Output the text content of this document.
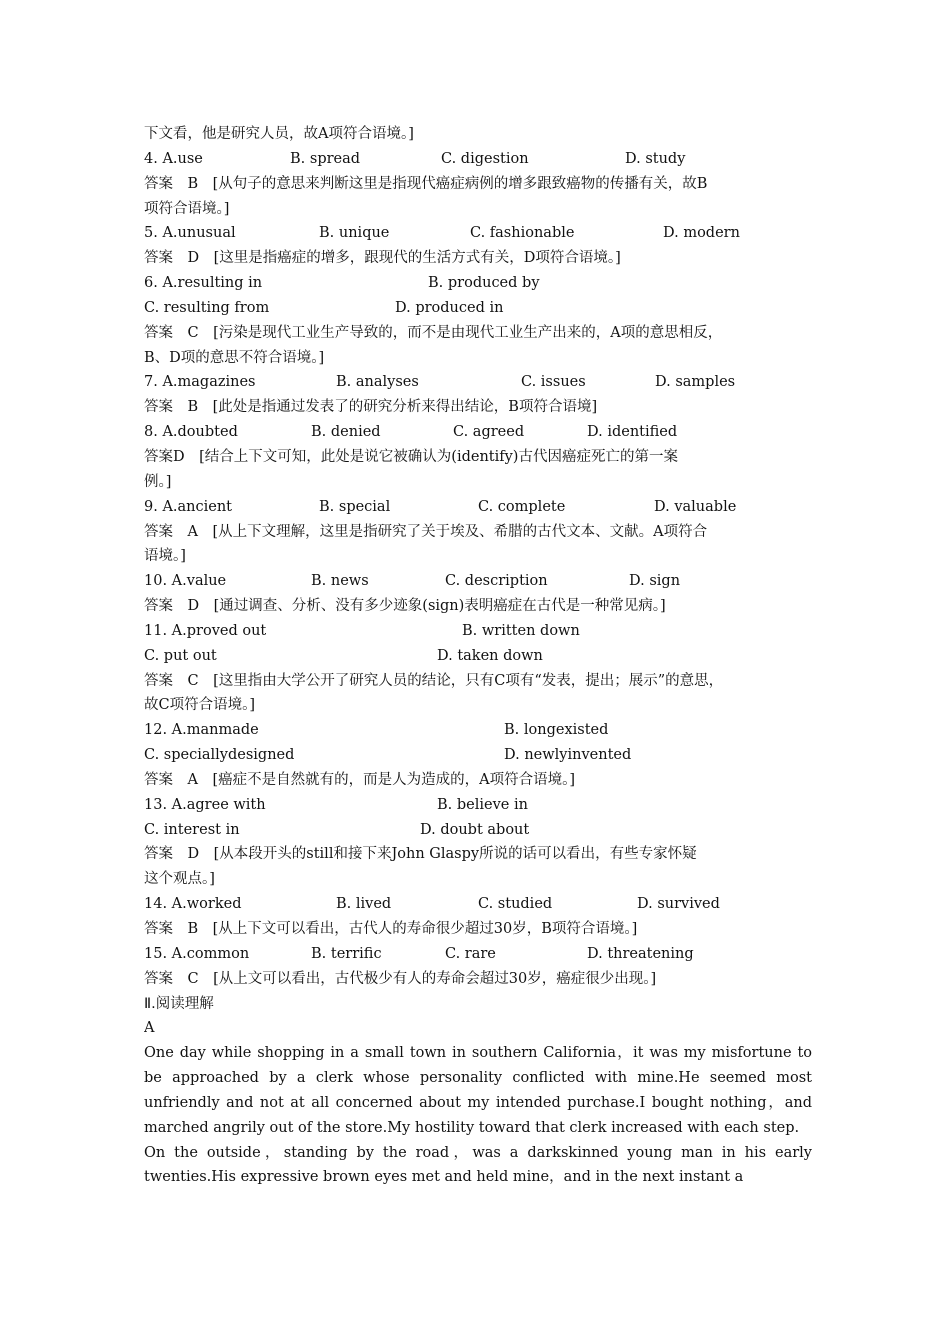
下文看，他是研究人员，故A项符合语境。]
4. A.use	B. spread	C. digestion	D. study
答案　B　[从句子的意思来判断这里是指现代癌症病例的增多跟致癌物的传播有关，故B
项符合语境。]
5. A.unusual	B. unique	C. fashionable	D. modern
答案　D　[这里是指癌症的增多，跟现代的生活方式有关，D项符合语境。]
6. A.resulting in	B. produced by
C. resulting from	D. produced in
答案　C　[污染是现代工业生产导致的，而不是由现代工业生产出来的，A项的意思相反，
B、D项的意思不符合语境。]
7. A.magazines	B. analyses	C. issues	D. samples
答案　B　[此处是指通过发表了的研究分析来得出结论，B项符合语境]
8. A.doubted	B. denied	C. agreed	D. identified
答案D　[结合上下文可知，此处是说它被确认为(identify)古代因癌症死亡的第一案
例。]
9. A.ancient	B. special	C. complete	D. valuable
答案　A　[从上下文理解，这里是指研究了关于埃及、希腊的古代文本、文献。A项符合
语境。]
10. A.value	B. news	C. description	D. sign
答案　D　[通过调查、分析、没有多少迹象(sign)表明癌症在古代是一种常见病。]
11. A.proved out	B. written down
C. put out	D. taken down
答案　C　[这里指由大学公开了研究人员的结论，只有C项有“发表，提出；展示”的意思，
故C项符合语境。]
12. A.manmade	B. longexisted
C. speciallydesigned	D. newlyinvented
答案　A　[癌症不是自然就有的，而是人为造成的，A项符合语境。]
13. A.agree with	B. believe in
C. interest in	D. doubt about
答案　D　[从本段开头的still和接下来John Glaspy所说的话可以看出，有些专家怀疑
这个观点。]
14. A.worked	B. lived	C. studied	D. survived
答案　B　[从上下文可以看出，古代人的寿命很少超过30岁，B项符合语境。]
15. A.common	B. terrific	C. rare	D. threatening
答案　C　[从上文可以看出，古代极少有人的寿命会超过30岁，癌症很少出现。]
Ⅱ.阅读理解
A
One day while shopping in a small town in southern California，it was my misfortune to be approached by a clerk whose personality conflicted with mine.He seemed most unfriendly and not at all concerned about my intended purchase.I bought nothing，and marched angrily out of the store.My hostility toward that clerk increased with each step.
On the outside，standing by the road，was a darkskinned young man in his early twenties.His expressive brown eyes met and held mine，and in the next instant a
